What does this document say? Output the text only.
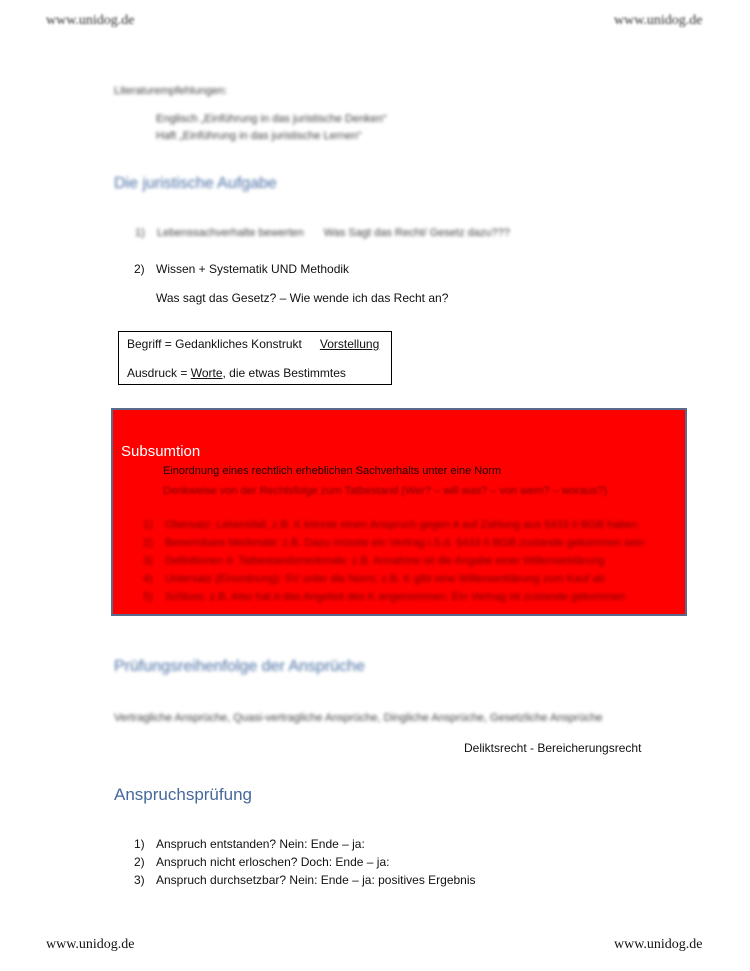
www.unidog.de	www.unidog.de
Literaturempfehlungen:
Englisch „Einführung in das juristische Denken“
Haft „Einführung in das juristische Lernen“
Die juristische Aufgabe
1) Lebenssachverhalte bewerten Was Sagt das Recht/ Gesetz dazu???
2) Wissen + Systematik UND Methodik
Was sagt das Gesetz? – Wie wende ich das Recht an?
Begriff = Gedankliches Konstrukt Vorstellung
Ausdruck = Worte, die etwas Bestimmtes
Subsumtion
Einordnung eines rechtlich erheblichen Sachverhalts unter eine Norm
Denkweise von der Rechtsfolge zum Tatbestand (Wer? – will was? – von wem? – woraus?)
1) Obersatz: Lebensfall, z.B. K könnte einen Anspruch gegen A auf Zahlung aus §433 II BGB haben
2) Benennbare Merkmale: z.B. Dazu müsste ein Vertrag i.S.d. §433 II BGB zustande gekommen sein
3) Definitionen d. Tatbestandsmerkmale: z.B. Annahme ist die Angabe einer Willenserklärung
4) Untersatz (Einordnung): SV unter die Norm; z.B. K gibt eine Willenserklärung zum Kauf ab
5) Schluss: z.B. Also hat A das Angebot des K angenommen. Ein Vertrag ist zustande gekommen
Prüfungsreihenfolge der Ansprüche
Vertragliche Ansprüche, Quasi-vertragliche Ansprüche, Dingliche Ansprüche, Gesetzliche Ansprüche
Deliktsrecht - Bereicherungsrecht
Anspruchsprüfung
1) Anspruch entstanden? Nein: Ende – ja:
2) Anspruch nicht erloschen? Doch: Ende – ja:
3) Anspruch durchsetzbar? Nein: Ende – ja: positives Ergebnis
www.unidog.de	www.unidog.de
